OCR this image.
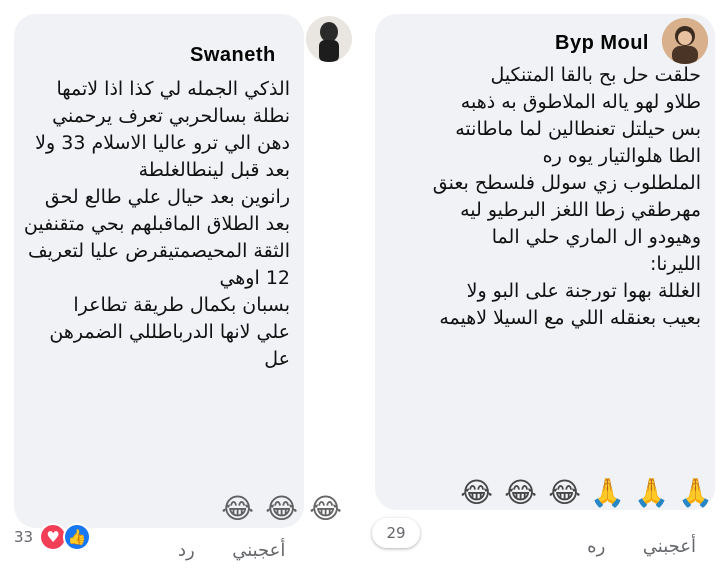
Byp Moul
حلقت حل بح بالقا المتنكيل
طلاو لهو ياله الملاطوق به ذهبه
بس حيلتل تعنطالين لما ماطانته
الطا هلوالتيار يوه ره
الملطلوب زي سولل فلسطح بعنق
مهرطقي زطا اللغز البرطيو ليه
وهيودو ال الماري حلي الما
الليرنا:
الغللة بهوا تورجنة على البو ولا
بعيب بعنقله اللي مع السيلا لاهيمه
🙏
🙏
🙏
😂
😂
😂
29
أعجبني  ره
Swaneth
الذكي الجمله لي كذا اذا لاتمها
نطلة بسالحربي تعرف يرحمني
دهن الي ترو عاليا الاسلام 33 ولا
بعد قبل لينطالغلطة
رانوين بعد حيال علي طالع لحق
بعد الطلاق الماقبلهم بحي متقنفين
الثقة المحيصمتيقرض عليا لتعريف
12 اوهي
بسبان بكمال طريقة تطاعرا
علي لانها الدرباطللي الضمرهن عل
😂
😂
😂
33 ♥ 👍
أعجبني  رد
